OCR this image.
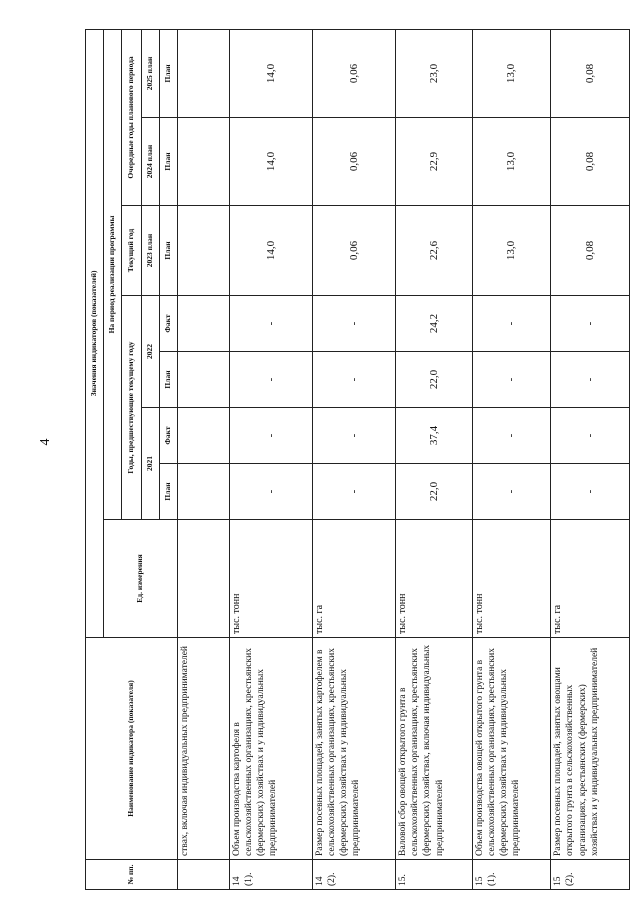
4
№ пп.	Наименование индикатора (показателя)	Значения индикаторов (показателей)							
		Ед. измерения	На период реализации программы						
			Годы, предшествующие текущему году				Текущий год	Очередные годы планового периода	
			2021		2022		2023 план	2024 план	2025 план
			План	Факт	План	Факт	План	План	План
	ствах, включая индивидуальных предпринимателей								
14 (1).	Объем производства картофеля в сельскохозяйственных организациях, крестьянских (фермерских) хозяйствах и у индивидуальных предпринимателей	тыс. тонн	-	-	-	-	14,0	14,0	14,0
14 (2).	Размер посевных площадей, занятых картофелем в сельскохозяйственных организациях, крестьянских (фермерских) хозяйствах и у индивидуальных предпринимателей	тыс. га	-	-	-	-	0,06	0,06	0,06
15.	Валовой сбор овощей открытого грунта в сельскохозяйственных организациях, крестьянских (фермерских) хозяйствах, включая индивидуальных предпринимателей	тыс. тонн	22,0	37,4	22,0	24,2	22,6	22,9	23,0
15 (1).	Объем производства овощей открытого грунта в сельскохозяйственных организациях, крестьянских (фермерских) хозяйствах и у индивидуальных предпринимателей	тыс. тонн	-	-	-	-	13,0	13,0	13,0
15 (2).	Размер посевных площадей, занятых овощами открытого грунта в сельскохозяйственных организациях, крестьянских (фермерских) хозяйствах и у индивидуальных предпринимателей	тыс. га	-	-	-	-	0,08	0,08	0,08
